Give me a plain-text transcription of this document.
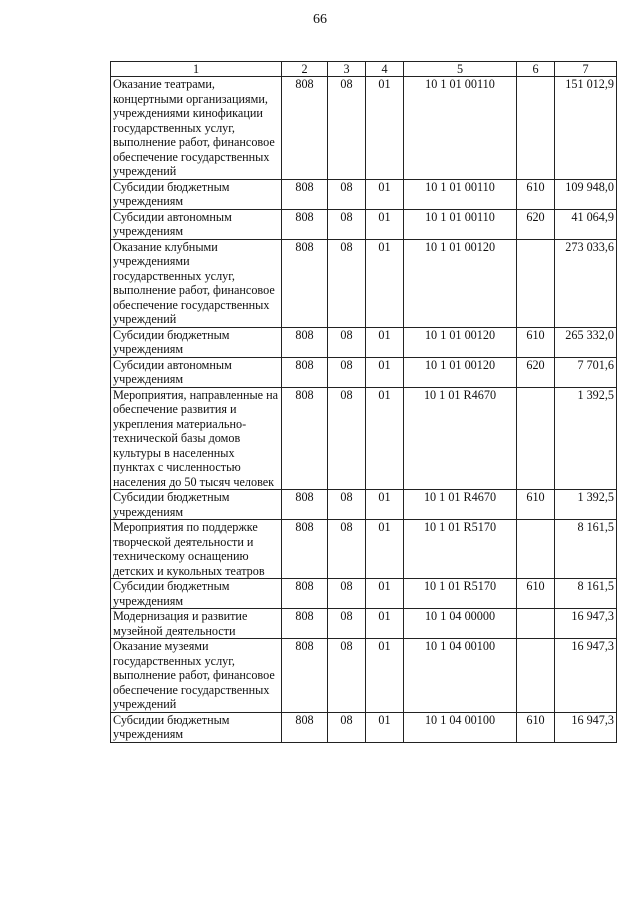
66
1	2	3	4	5	6	7
Оказание театрами, концертными организациями, учреждениями кинофикации государственных услуг, выполнение работ, финансовое обеспечение государственных учреждений	808	08	01	10 1 01 00110		151 012,9
Субсидии бюджетным учреждениям	808	08	01	10 1 01 00110	610	109 948,0
Субсидии автономным учреждениям	808	08	01	10 1 01 00110	620	41 064,9
Оказание клубными учреждениями государственных услуг, выполнение работ, финансовое обеспечение государственных учреждений	808	08	01	10 1 01 00120		273 033,6
Субсидии бюджетным учреждениям	808	08	01	10 1 01 00120	610	265 332,0
Субсидии автономным учреждениям	808	08	01	10 1 01 00120	620	7 701,6
Мероприятия, направленные на обеспечение развития и укрепления материально-технической базы домов культуры в населенных пунктах с численностью населения до 50 тысяч человек	808	08	01	10 1 01 R4670		1 392,5
Субсидии бюджетным учреждениям	808	08	01	10 1 01 R4670	610	1 392,5
Мероприятия по поддержке творческой деятельности и техническому оснащению детских и кукольных театров	808	08	01	10 1 01 R5170		8 161,5
Субсидии бюджетным учреждениям	808	08	01	10 1 01 R5170	610	8 161,5
Модернизация и развитие музейной деятельности	808	08	01	10 1 04 00000		16 947,3
Оказание музеями государственных услуг, выполнение работ, финансовое обеспечение государственных учреждений	808	08	01	10 1 04 00100		16 947,3
Субсидии бюджетным учреждениям	808	08	01	10 1 04 00100	610	16 947,3
